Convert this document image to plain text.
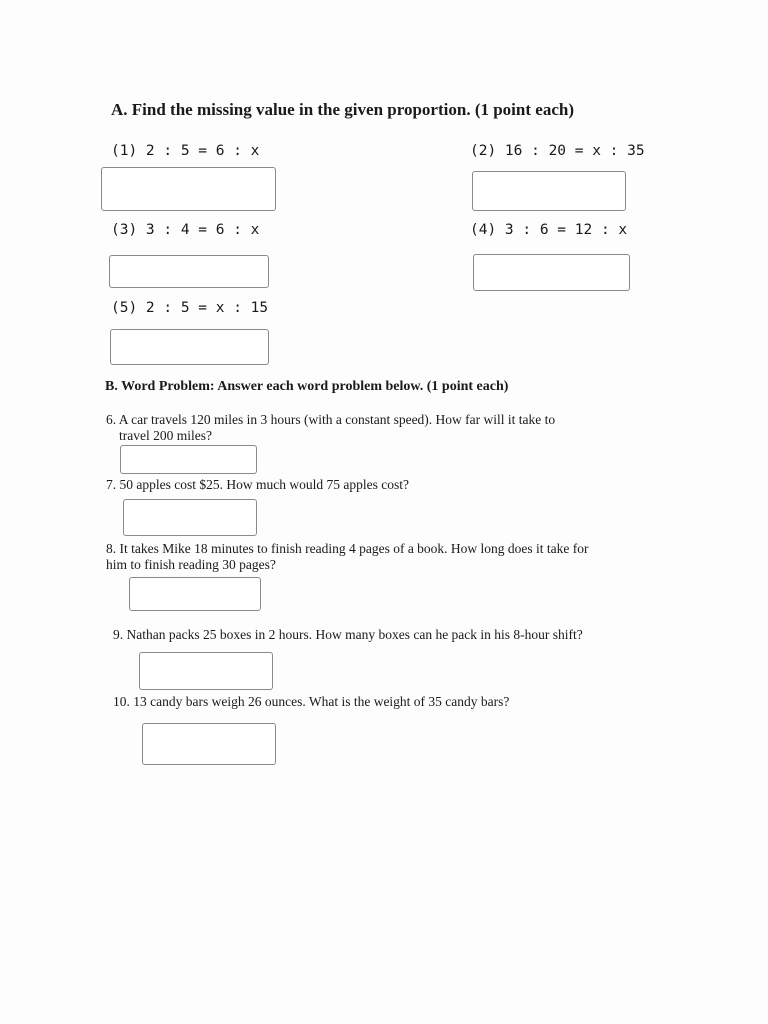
A. Find the missing value in the given proportion. (1 point each)
(1) 2 : 5 = 6 : x	(2) 16 : 20 = x : 35
(3) 3 : 4 = 6 : x	(4) 3 : 6 = 12 : x
(5) 2 : 5 = x : 15
B. Word Problem: Answer each word problem below. (1 point each)
6. A car travels 120 miles in 3 hours (with a constant speed). How far will it take to
travel 200 miles?
7. 50 apples cost $25. How much would 75 apples cost?
8. It takes Mike 18 minutes to finish reading 4 pages of a book. How long does it take for
him to finish reading 30 pages?
9. Nathan packs 25 boxes in 2 hours. How many boxes can he pack in his 8-hour shift?
10. 13 candy bars weigh 26 ounces. What is the weight of 35 candy bars?
